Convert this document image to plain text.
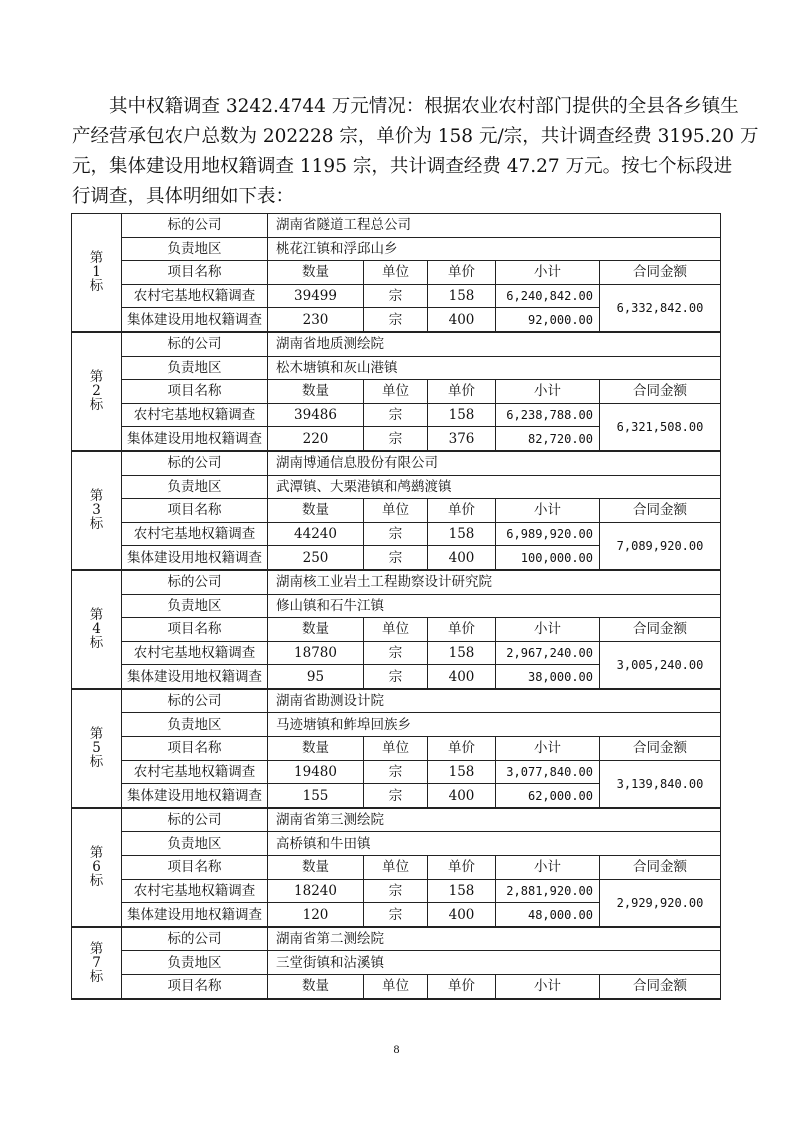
其中权籍调查 3242.4744 万元情况：根据农业农村部门提供的全县各乡镇生
产经营承包农户总数为 202228 宗，单价为 158 元/宗，共计调查经费 3195.20 万
元，集体建设用地权籍调查 1195 宗，共计调查经费 47.27 万元。按七个标段进
行调查，具体明细如下表：
第
1
标	标的公司	湖南省隧道工程总公司				
	负责地区	桃花江镇和浮邱山乡				
	项目名称	数量	单位	单价	小计	合同金额
	农村宅基地权籍调查	39499	宗	158	6,240,842.00	6,332,842.00
	集体建设用地权籍调查	230	宗	400	92,000.00	

第
2
标	标的公司	湖南省地质测绘院				
	负责地区	松木塘镇和灰山港镇				
	项目名称	数量	单位	单价	小计	合同金额
	农村宅基地权籍调查	39486	宗	158	6,238,788.00	6,321,508.00
	集体建设用地权籍调查	220	宗	376	82,720.00	

第
3
标	标的公司	湖南博通信息股份有限公司				
	负责地区	武潭镇、大栗港镇和鸬鹚渡镇				
	项目名称	数量	单位	单价	小计	合同金额
	农村宅基地权籍调查	44240	宗	158	6,989,920.00	7,089,920.00
	集体建设用地权籍调查	250	宗	400	100,000.00	

第
4
标	标的公司	湖南核工业岩土工程勘察设计研究院				
	负责地区	修山镇和石牛江镇				
	项目名称	数量	单位	单价	小计	合同金额
	农村宅基地权籍调查	18780	宗	158	2,967,240.00	3,005,240.00
	集体建设用地权籍调查	95	宗	400	38,000.00	

第
5
标	标的公司	湖南省勘测设计院				
	负责地区	马迹塘镇和鲊埠回族乡				
	项目名称	数量	单位	单价	小计	合同金额
	农村宅基地权籍调查	19480	宗	158	3,077,840.00	3,139,840.00
	集体建设用地权籍调查	155	宗	400	62,000.00	

第
6
标	标的公司	湖南省第三测绘院				
	负责地区	高桥镇和牛田镇				
	项目名称	数量	单位	单价	小计	合同金额
	农村宅基地权籍调查	18240	宗	158	2,881,920.00	2,929,920.00
	集体建设用地权籍调查	120	宗	400	48,000.00	

第
7
标	标的公司	湖南省第二测绘院				
	负责地区	三堂街镇和沾溪镇				
	项目名称	数量	单位	单价	小计	合同金额
8
